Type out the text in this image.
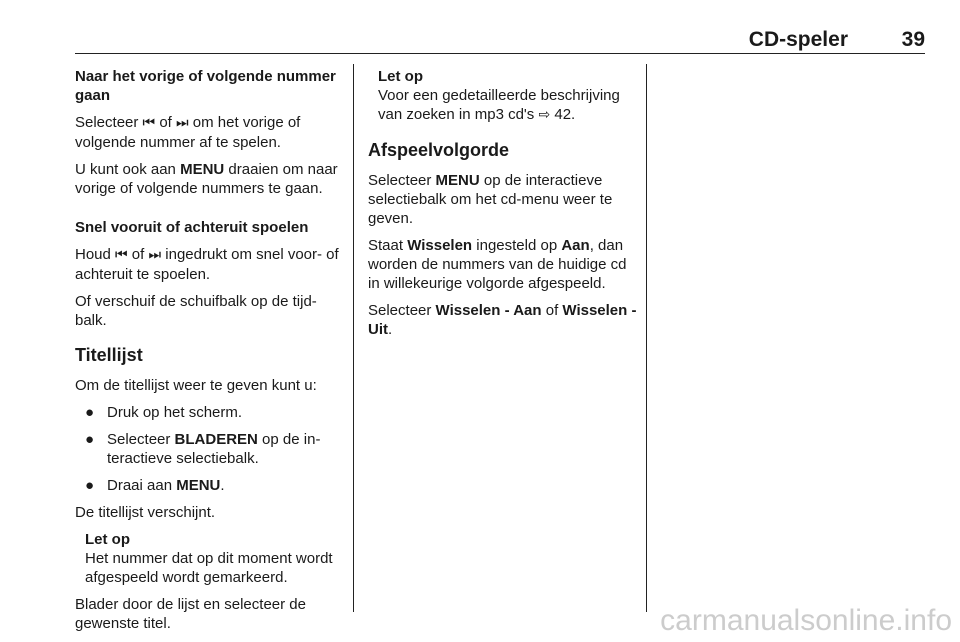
CD-speler	39

Naar het vorige of volgende nummer gaan

Selecteer ⏮ of ⏭ om het vorige of volgende nummer af te spelen.

U kunt ook aan MENU draaien om naar vorige of volgende nummers te gaan.

Snel vooruit of achteruit spoelen

Houd ⏮ of ⏭ ingedrukt om snel voor- of achteruit te spoelen.

Of verschuif de schuifbalk op de tijdbalk.

Titellijst

Om de titellijst weer te geven kunt u:

● Druk op het scherm.
● Selecteer BLADEREN op de interactieve selectiebalk.
● Draai aan MENU.

De titellijst verschijnt.

Let op
Het nummer dat op dit moment wordt afgespeeld wordt gemarkeerd.

Blader door de lijst en selecteer de gewenste titel.

Let op
Voor een gedetailleerde beschrijving van zoeken in mp3 cd's ⇨ 42.
Afspeelvolgorde

Selecteer MENU op de interactieve selectiebalk om het cd-menu weer te geven.

Staat Wisselen ingesteld op Aan, dan worden de nummers van de huidige cd in willekeurige volgorde afgespeeld.

Selecteer Wisselen - Aan of Wisselen - Uit.

carmanualsonline.info
